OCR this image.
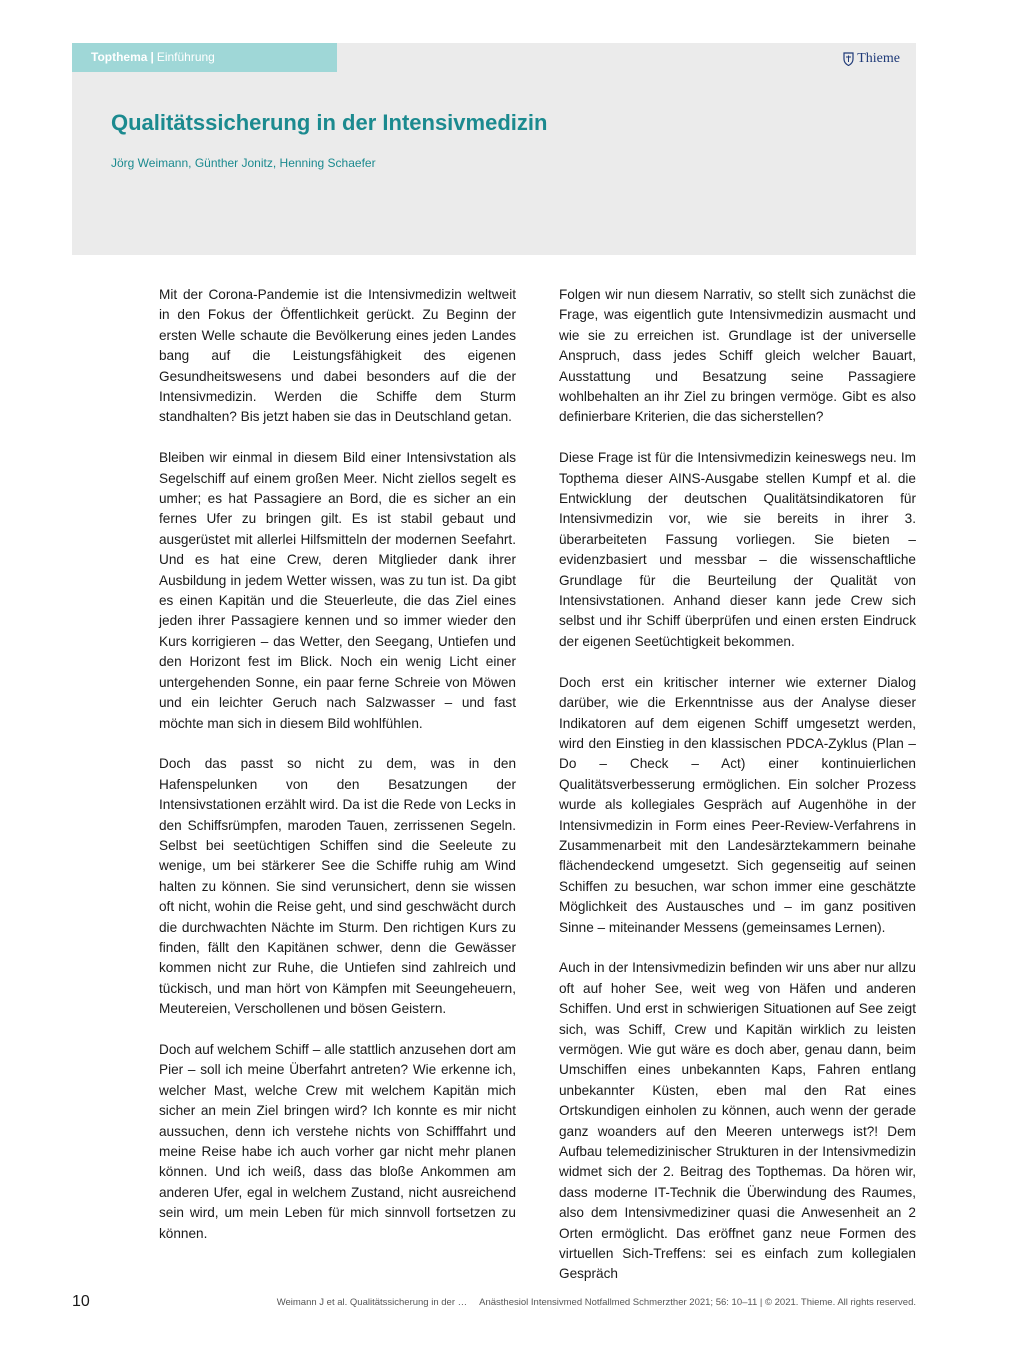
Topthema | Einführung	Thieme
Qualitätssicherung in der Intensivmedizin

Jörg Weimann, Günther Jonitz, Henning Schaefer

Mit der Corona-Pandemie ist die Intensivmedizin weltweit in den Fokus der Öffentlichkeit gerückt. Zu Beginn der ersten Welle schaute die Bevölkerung eines jeden Landes bang auf die Leistungsfähigkeit des eigenen Gesundheitswesens und dabei besonders auf die der Intensivmedizin. Werden die Schiffe dem Sturm standhalten? Bis jetzt haben sie das in Deutschland getan.

Bleiben wir einmal in diesem Bild einer Intensivstation als Segelschiff auf einem großen Meer. Nicht ziellos segelt es umher; es hat Passagiere an Bord, die es sicher an ein fernes Ufer zu bringen gilt. Es ist stabil gebaut und ausgerüstet mit allerlei Hilfsmitteln der modernen Seefahrt. Und es hat eine Crew, deren Mitglieder dank ihrer Ausbildung in jedem Wetter wissen, was zu tun ist. Da gibt es einen Kapitän und die Steuerleute, die das Ziel eines jeden ihrer Passagiere kennen und so immer wieder den Kurs korrigieren – das Wetter, den Seegang, Untiefen und den Horizont fest im Blick. Noch ein wenig Licht einer untergehenden Sonne, ein paar ferne Schreie von Möwen und ein leichter Geruch nach Salzwasser – und fast möchte man sich in diesem Bild wohlfühlen.

Doch das passt so nicht zu dem, was in den Hafenspelunken von den Besatzungen der Intensivstationen erzählt wird. Da ist die Rede von Lecks in den Schiffsrümpfen, maroden Tauen, zerrissenen Segeln. Selbst bei seetüchtigen Schiffen sind die Seeleute zu wenige, um bei stärkerer See die Schiffe ruhig am Wind halten zu können. Sie sind verunsichert, denn sie wissen oft nicht, wohin die Reise geht, und sind geschwächt durch die durchwachten Nächte im Sturm. Den richtigen Kurs zu finden, fällt den Kapitänen schwer, denn die Gewässer kommen nicht zur Ruhe, die Untiefen sind zahlreich und tückisch, und man hört von Kämpfen mit Seeungeheuern, Meutereien, Verschollenen und bösen Geistern.

Doch auf welchem Schiff – alle stattlich anzusehen dort am Pier – soll ich meine Überfahrt antreten? Wie erkenne ich, welcher Mast, welche Crew mit welchem Kapitän mich sicher an mein Ziel bringen wird? Ich konnte es mir nicht aussuchen, denn ich verstehe nichts von Schifffahrt und meine Reise habe ich auch vorher gar nicht mehr planen können. Und ich weiß, dass das bloße Ankommen am anderen Ufer, egal in welchem Zustand, nicht ausreichend sein wird, um mein Leben für mich sinnvoll fortsetzen zu können.

Folgen wir nun diesem Narrativ, so stellt sich zunächst die Frage, was eigentlich gute Intensivmedizin ausmacht und wie sie zu erreichen ist. Grundlage ist der universelle Anspruch, dass jedes Schiff gleich welcher Bauart, Ausstattung und Besatzung seine Passagiere wohlbehalten an ihr Ziel zu bringen vermöge. Gibt es also definierbare Kriterien, die das sicherstellen?

Diese Frage ist für die Intensivmedizin keineswegs neu. Im Topthema dieser AINS-Ausgabe stellen Kumpf et al. die Entwicklung der deutschen Qualitätsindikatoren für Intensivmedizin vor, wie sie bereits in ihrer 3. überarbeiteten Fassung vorliegen. Sie bieten – evidenzbasiert und messbar – die wissenschaftliche Grundlage für die Beurteilung der Qualität von Intensivstationen. Anhand dieser kann jede Crew sich selbst und ihr Schiff überprüfen und einen ersten Eindruck der eigenen Seetüchtigkeit bekommen.

Doch erst ein kritischer interner wie externer Dialog darüber, wie die Erkenntnisse aus der Analyse dieser Indikatoren auf dem eigenen Schiff umgesetzt werden, wird den Einstieg in den klassischen PDCA-Zyklus (Plan – Do – Check – Act) einer kontinuierlichen Qualitätsverbesserung ermöglichen. Ein solcher Prozess wurde als kollegiales Gespräch auf Augenhöhe in der Intensivmedizin in Form eines Peer-Review-Verfahrens in Zusammenarbeit mit den Landesärztekammern beinahe flächendeckend umgesetzt. Sich gegenseitig auf seinen Schiffen zu besuchen, war schon immer eine geschätzte Möglichkeit des Austausches und – im ganz positiven Sinne – miteinander Messens (gemeinsames Lernen).

Auch in der Intensivmedizin befinden wir uns aber nur allzu oft auf hoher See, weit weg von Häfen und anderen Schiffen. Und erst in schwierigen Situationen auf See zeigt sich, was Schiff, Crew und Kapitän wirklich zu leisten vermögen. Wie gut wäre es doch aber, genau dann, beim Umschiffen eines unbekannten Kaps, Fahren entlang unbekannter Küsten, eben mal den Rat eines Ortskundigen einholen zu können, auch wenn der gerade ganz woanders auf den Meeren unterwegs ist?! Dem Aufbau telemedizinischer Strukturen in der Intensivmedizin widmet sich der 2. Beitrag des Topthemas. Da hören wir, dass moderne IT-Technik die Überwindung des Raumes, also dem Intensivmediziner quasi die Anwesenheit an 2 Orten ermöglicht. Das eröffnet ganz neue Formen des virtuellen Sich-Treffens: sei es einfach zum kollegialen Gespräch

10	Weimann J et al. Qualitätssicherung in der … Anästhesiol Intensivmed Notfallmed Schmerzther 2021; 56: 10–11 | © 2021. Thieme. All rights reserved.
